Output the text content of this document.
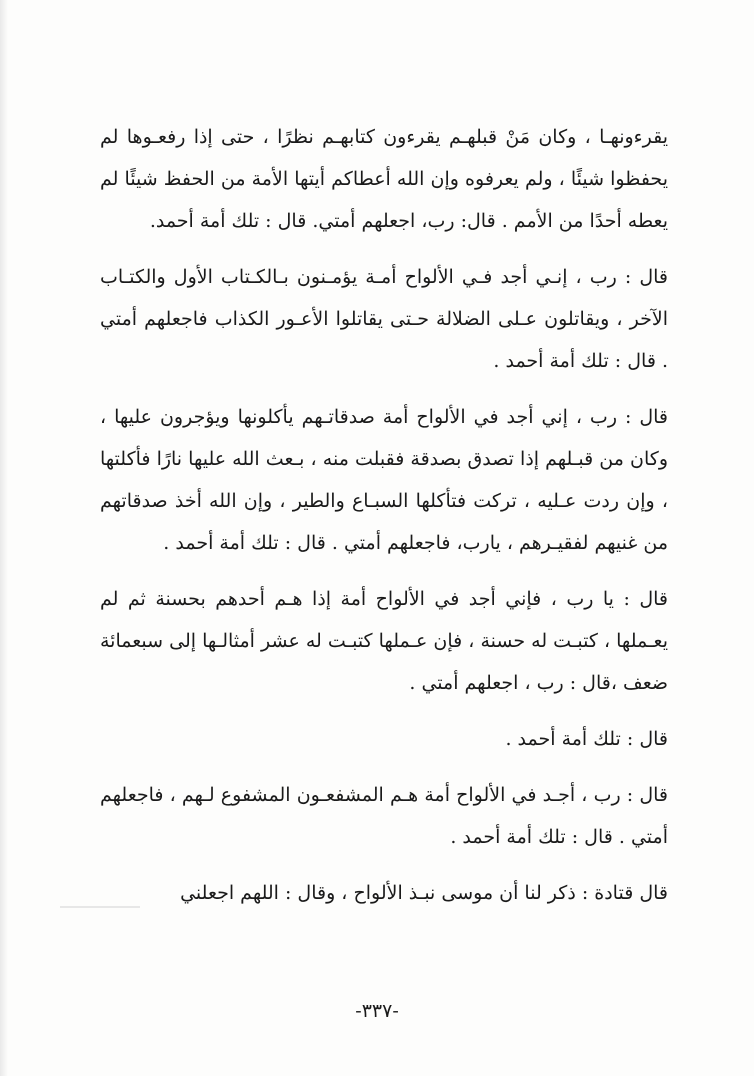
يقرءونهـا ، وكان مَنْ قبلهـم يقرءون كتابهـم نظرًا ، حتى إذا رفعـوها لم يحفظوا شيئًا ، ولم يعرفوه وإن الله أعطاكم أيتها الأمة من الحفظ شيئًا لم يعطه أحدًا من الأمم . قال: رب، اجعلهم أمتي. قال : تلك أمة أحمد.

قال : رب ، إنـي أجد فـي الألواح أمـة يؤمـنون بـالكـتاب الأول والكتـاب الآخر ، ويقاتلون عـلى الضلالة حـتى يقاتلوا الأعـور الكذاب فاجعلهم أمتي . قال : تلك أمة أحمد .

قال : رب ، إني أجد في الألواح أمة صدقاتـهم يأكلونها ويؤجرون عليها ، وكان من قبـلهم إذا تصدق بصدقة فقبلت منه ، بـعث الله عليها نارًا فأكلتها ، وإن ردت عـليه ، تركت فتأكلها السبـاع والطير ، وإن الله أخذ صدقاتهم من غنيهم لفقيـرهم ، يارب، فاجعلهم أمتي . قال : تلك أمة أحمد .

قال : يا رب ، فإني أجد في الألواح أمة إذا هـم أحدهم بحسنة ثم لم يعـملها ، كتبـت له حسنة ، فإن عـملها كتبـت له عشر أمثالـها إلى سبعمائة ضعف ،قال : رب ، اجعلهم أمتي .

قال : تلك أمة أحمد .

قال : رب ، أجـد في الألواح أمة هـم المشفعـون المشفوع لـهم ، فاجعلهم أمتي . قال : تلك أمة أحمد .

قال قتادة : ذكر لنا أن موسى نبـذ الألواح ، وقال : اللهم اجعلني

-٣٣٧-
